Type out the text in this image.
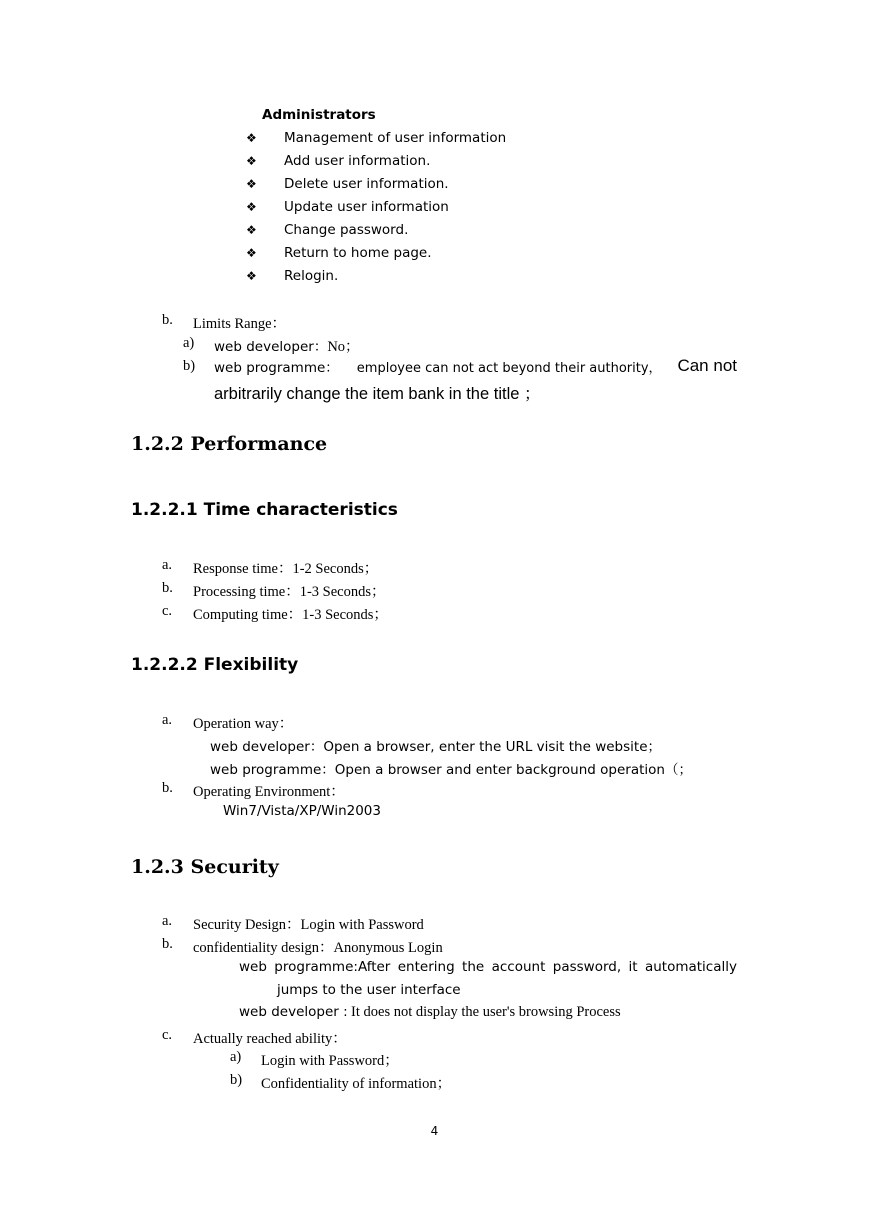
Administrators
❖ Management of user information
❖ Add user information.
❖ Delete user information.
❖ Update user information
❖ Change password.
❖ Return to home page.
❖ Relogin.
b. Limits Range：
a) web developer：No；
b) web programme： employee can not act beyond their authority， Can not
arbitrarily change the item bank in the title ；
1.2.2 Performance
1.2.2.1 Time characteristics
a. Response time：1-2 Seconds；
b. Processing time：1-3 Seconds；
c. Computing time：1-3 Seconds；
1.2.2.2 Flexibility
a. Operation way：
web developer：Open a browser, enter the URL visit the website；
web programme：Open a browser and enter background operation（；
b. Operating Environment：
Win7/Vista/XP/Win2003
1.2.3 Security
a. Security Design：Login with Password
b. confidentiality design：Anonymous Login
web programme:After entering the account password, it automatically
jumps to the user interface
web developer : It does not display the user's browsing Process
c. Actually reached ability：
a) Login with Password；
b) Confidentiality of information；
4
